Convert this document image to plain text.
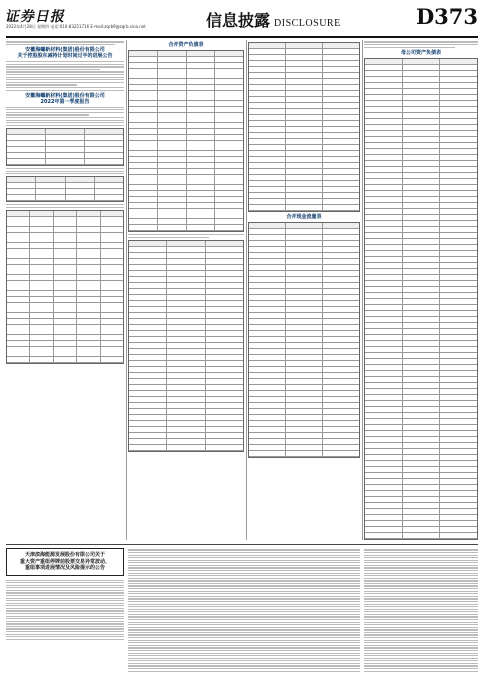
证券日报
2022年4月28日 星期四 电话:010-83251716 E-mail:zqrb9@zqrb.sina.net	信息披露 DISCLOSURE	D373
安徽海螺新材料(集团)股份有限公司
关于控股股东减持计划时间过半的进展公告
安徽海螺新材料(集团)股份有限公司
2022年第一季度报告
合并资产负债表
合并现金流量表
母公司资产负债表
天津滨海能源发展股份有限公司关于
重大资产重组停牌前股票交易异常波动、
重组事项进展情况及风险提示的公告
